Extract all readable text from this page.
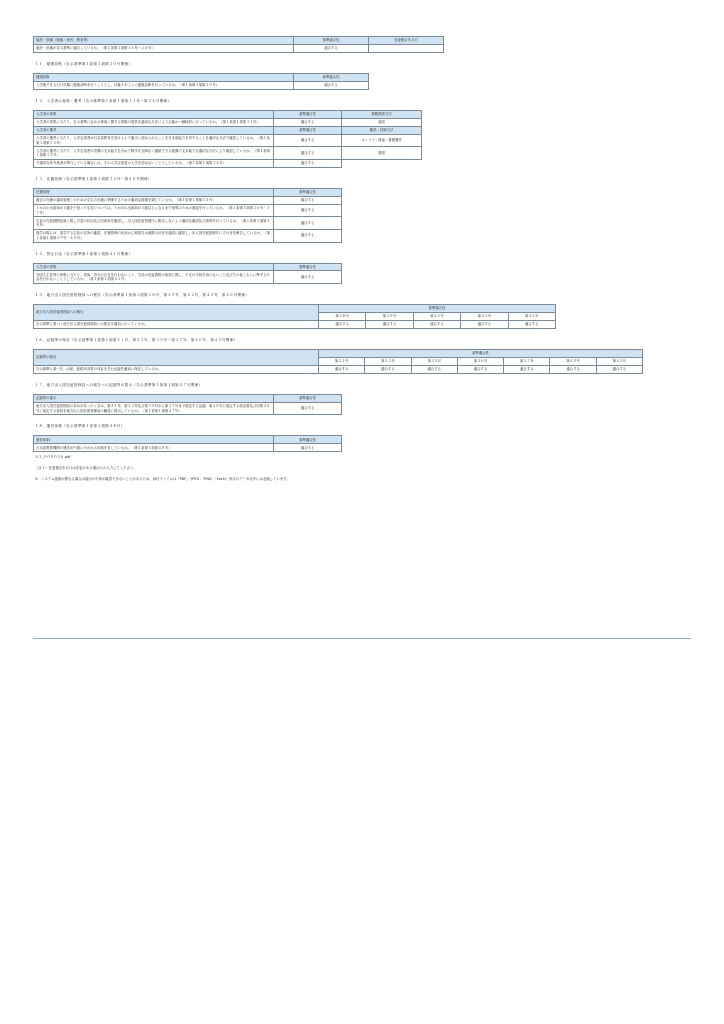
施設・設備（校地・校舎、教室等）	基準適合性	変更報告年月日
施設・設備が告示基準に適合しているか。（第１条第１項第１６号～２６号）	適合する	
１１．健康診断（告示基準第１条第１項第３０号関係）
健康診断	基準適合性
入学後できるだけ早期に健康診断を行うこととし、以後１年ごとに健康診断を行っているか。（第１条第１項第３０号）	適合する
１２．入学者の募集・選考（告示基準第１条第１項第３１号～第３４号関係）
入学者の募集	基準適合性	情報提供方法
入学者の募集に当たり、告示基準に定める事項に関する情報の提供を適切な方法により正確かつ積極的に行っているか。（第１条第１項第３１号）	適合する	書面
入学者の選考	基準適合性	確認・評価方法
入学者の選考に当たり、入学志望者が日本語教育を受ける上で適当と認められることを日本語能力を有することを適切な方法で確認しているか。（第１条第１項第３２号）	適合する	オンライン面接・書類選考
入学者の選考に当たり、入学志望者が学費の支弁能力を含めて修学を支障なく継続できる経費の支弁能力を適切な方法により確認しているか。（第１条第１項第３３号）	適合する	書面
不適切な仲介業者が関与している場合には、その入学志望者の入学を認めないこととしているか。（第１条第１項第３４号）	適合する	
１３．在籍管理（告示基準第１条第１項第３５号～第４０号関係）
在籍管理	基準適合性
過去の在籍の適切管理このための学生の在籍に関係するための適切な措置を講じているか。（第１条第１項第３５号）	適合する
１か月の出席率が５割を下回った生徒については、１か月の出席率が５割以上になるまで指導のための面接を行っているか。（第１条第１項第３６号・３７号）	適合する
生徒の在留期間更新に際し学習の状況及び出席率を確認し、出入国在留管理庁に報告しないよう適切な確認及び指導を行っているか。（第１条第１項第３８号）	適合する
退学の際には、退学する生徒の住所の確認、在籍管理の状況から帰国又は進路の状況を適切に確認し、出入国在留管理庁にその旨を報告しているか。（第１条第１項第３９号・４０号）	適合する
１４．禁止行為（告示基準第１条第１項第４１号関係）
入学者の募集	基準適合性
外国人生徒等の募集に当たり、虚偽・誇大の広告を行わないこと、生徒の在留資格の取得に関し、不正の手段を用いないこと及びその他これらに準ずる行為を行わないこととしているか。（第１条第１項第４１号）	適合する
１５．地方出入国在留管理局への報告（告示基準第１条第１項第３８号、第３９号、第４２号、第４３号、第４６号関係）
地方出入国在留管理局への報告	基準適合性				
	第３８号	第３９号	第４２号	第４３号	第４６号
告示基準に基づく地方出入国在留管理局への報告を適切に行っているか。	適合する	適合する	適合する	適合する	適合する
１６．記録等の保存（告示基準第１条第１項第２１号、第３３号、第３５号～第３７号、第４０号、第４５号関係）
記録等の保存	基準適合性						
	第２１号	第３３号	第３５号	第３６号	第３７号	第４０号	第４５号
告示基準に基づき、出席、進路状況等の内容を含む記録を適切に保存しているか。	適合する	適合する	適合する	適合する	適合する	適合する	適合する
１７．地方出入国在留管理局への報告への記録等の提示（告示基準第１条第１項第４７号関係）
記録等の提示	基準適合性
地方出入国在留管理局の求めがあったときは、第２１号、第３３号及び第３５号から第３７号まで規定する記録、第４０号に規定する届出書及び同第４５号に規定する資料を地方出入国在留管理局の職員に提示しているか。（第１条第１項第４７号）	適合する
１８．運営体制（告示基準第１条第１項第４８号）
運営体制	基準適合性
日本語教育機関の運営が円滑に行われる体制を有しているか。（第１条第１項第４８号）	適合する
６３_０００００６.pdf
（注１）変更報告年月日は変更がある場合のみ入力してください。
※　システム画面が異なる場合は届出の中身が確認できないことがあるため、添付ファイルは「PDF」「JPEG」「PNG」「Excel」形式のデータ以外には変換しています。
